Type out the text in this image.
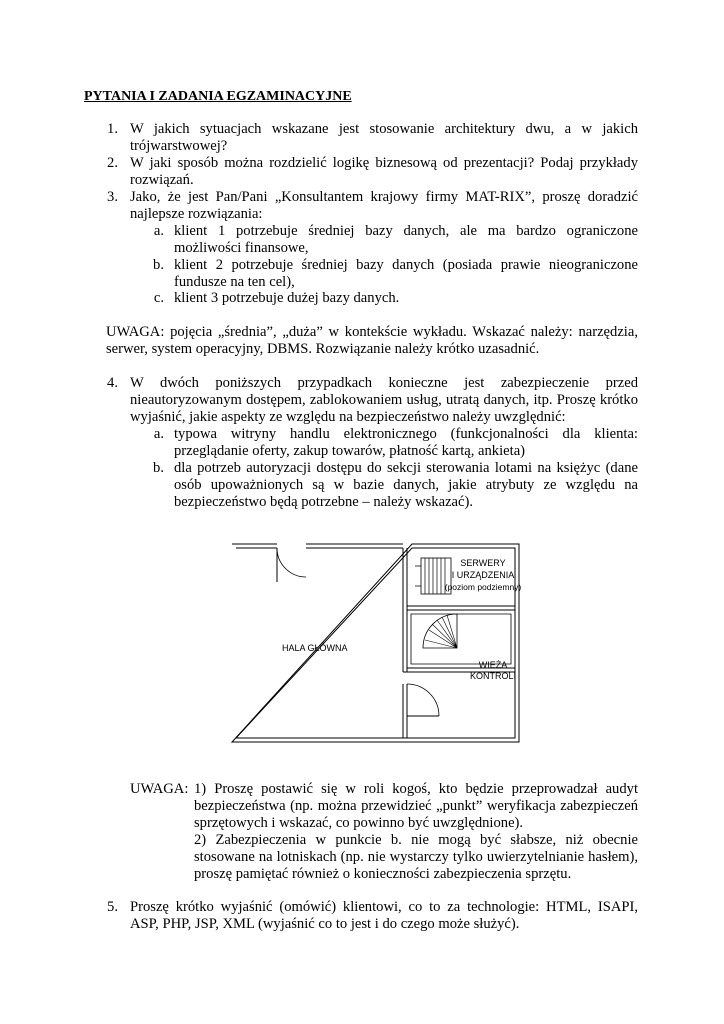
PYTANIA I ZADANIA EGZAMINACYJNE
1. W jakich sytuacjach wskazane jest stosowanie architektury dwu, a w jakich
trójwarstwowej?
2. W jaki sposób można rozdzielić logikę biznesową od prezentacji? Podaj przykłady
rozwiązań.
3. Jako, że jest Pan/Pani „Konsultantem krajowy firmy MAT-RIX”, proszę doradzić
najlepsze rozwiązania:
a. klient 1 potrzebuje średniej bazy danych, ale ma bardzo ograniczone
możliwości finansowe,
b. klient 2 potrzebuje średniej bazy danych (posiada prawie nieograniczone
fundusze na ten cel),
c. klient 3 potrzebuje dużej bazy danych.
UWAGA: pojęcia „średnia”, „duża” w kontekście wykładu. Wskazać należy: narzędzia,
serwer, system operacyjny, DBMS. Rozwiązanie należy krótko uzasadnić.
4. W dwóch poniższych przypadkach konieczne jest zabezpieczenie przed
nieautoryzowanym dostępem, zablokowaniem usług, utratą danych, itp. Proszę krótko
wyjaśnić, jakie aspekty ze względu na bezpieczeństwo należy uwzględnić:
a. typowa witryny handlu elektronicznego (funkcjonalności dla klienta:
przeglądanie oferty, zakup towarów, płatność kartą, ankieta)
b. dla potrzeb autoryzacji dostępu do sekcji sterowania lotami na księżyc (dane
osób upoważnionych są w bazie danych, jakie atrybuty ze względu na
bezpieczeństwo będą potrzebne – należy wskazać).
HALA GŁÓWNA
SERWERY
I URZĄDZENIA
(poziom podziemny)
WIEŻA
KONTROLI
UWAGA: 1) Proszę postawić się w roli kogoś, kto będzie przeprowadzał audyt
bezpieczeństwa (np. można przewidzieć „punkt” weryfikacja zabezpieczeń
sprzętowych i wskazać, co powinno być uwzględnione).
2) Zabezpieczenia w punkcie b. nie mogą być słabsze, niż obecnie
stosowane na lotniskach (np. nie wystarczy tylko uwierzytelnianie hasłem),
proszę pamiętać również o konieczności zabezpieczenia sprzętu.
5. Proszę krótko wyjaśnić (omówić) klientowi, co to za technologie: HTML, ISAPI,
ASP, PHP, JSP, XML (wyjaśnić co to jest i do czego może służyć).
